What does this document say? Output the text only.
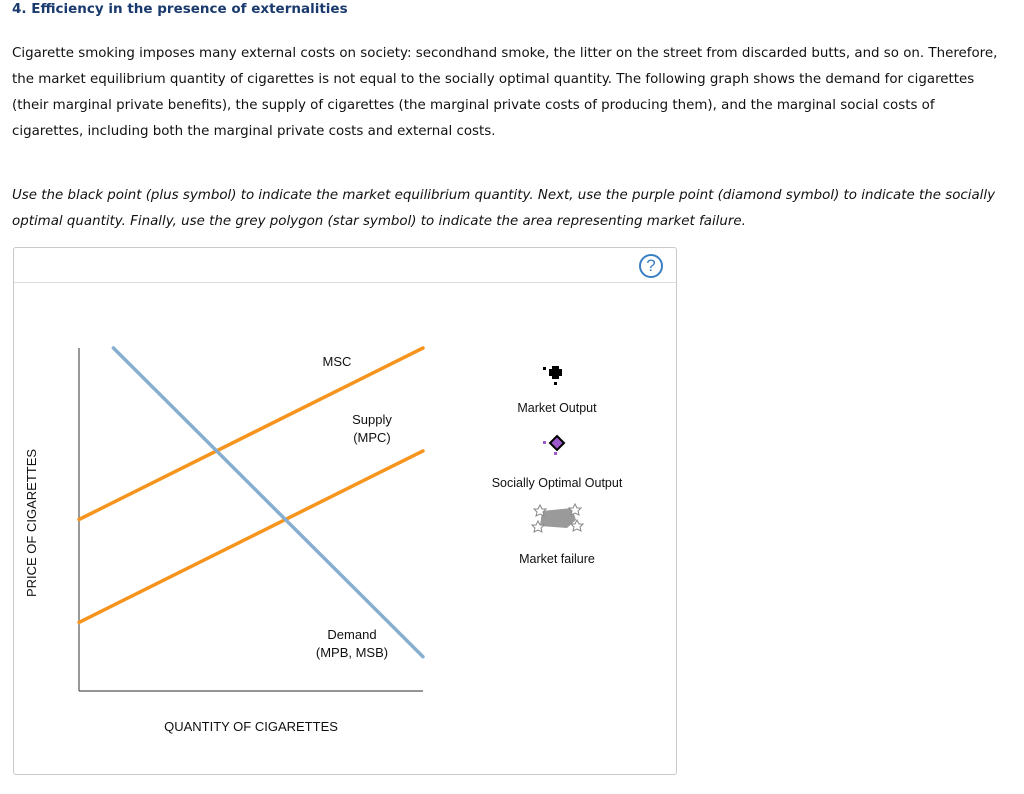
4. Efficiency in the presence of externalities
Cigarette smoking imposes many external costs on society: secondhand smoke, the litter on the street from discarded butts, and so on. Therefore, the market equilibrium quantity of cigarettes is not equal to the socially optimal quantity. The following graph shows the demand for cigarettes (their marginal private benefits), the supply of cigarettes (the marginal private costs of producing them), and the marginal social costs of cigarettes, including both the marginal private costs and external costs.
Use the black point (plus symbol) to indicate the market equilibrium quantity. Next, use the purple point (diamond symbol) to indicate the socially optimal quantity. Finally, use the grey polygon (star symbol) to indicate the area representing market failure.
?
MSC
Supply
(MPC)
Demand
(MPB, MSB)
QUANTITY OF CIGARETTES
PRICE OF CIGARETTES
Market Output
Socially Optimal Output
Market failure
